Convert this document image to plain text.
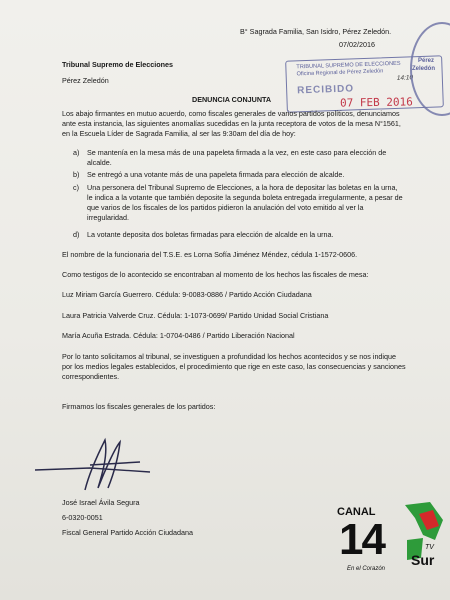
B° Sagrada Familia, San Isidro, Pérez Zeledón.
07/02/2016
Tribunal Supremo de Elecciones
Pérez Zeledón
TRIBUNAL SUPREMO DE ELECCIONES
Oficina Regional de Pérez Zeledón
14:10
RECIBIDO
07 FEB 2016
Pérez
Zeledón
DENUNCIA CONJUNTA
Los abajo firmantes en mutuo acuerdo, como fiscales generales de varios partidos políticos, denunciamos ante esta instancia, las siguientes anomalías sucedidas en la junta receptora de votos de la mesa N°1561, en la Escuela Líder de Sagrada Familia, al ser las 9:30am del día de hoy:
a) Se mantenía en la mesa más de una papeleta firmada a la vez, en este caso para elección de alcalde.
b) Se entregó a una votante más de una papeleta firmada para elección de alcalde.
c) Una personera del Tribunal Supremo de Elecciones, a la hora de depositar las boletas en la urna, le indica a la votante que también deposite la segunda boleta entregada irregularmente, a pesar de que varios de los fiscales de los partidos pidieron la anulación del voto emitido al ver la irregularidad.
d) La votante deposita dos boletas firmadas para elección de alcalde en la urna.
El nombre de la funcionaria del T.S.E. es Lorna Sofía Jiménez Méndez, cédula 1-1572-0606.
Como testigos de lo acontecido se encontraban al momento de los hechos las fiscales de mesa:
Luz Miriam García Guerrero. Cédula: 9-0083-0886 / Partido Acción Ciudadana
Laura Patricia Valverde Cruz. Cédula: 1-1073-0699/ Partido Unidad Social Cristiana
María Acuña Estrada. Cédula: 1-0704-0486 / Partido Liberación Nacional
Por lo tanto solicitamos al tribunal, se investiguen a profundidad los hechos acontecidos y se nos indique por los medios legales establecidos, el procedimiento que rige en este caso, las consecuencias y sanciones correspondientes.
Firmamos los fiscales generales de los partidos:
José Israel Ávila Segura
6-0320-0051
Fiscal General Partido Acción Ciudadana
CANAL
14 Sur
TV
En el Corazón
